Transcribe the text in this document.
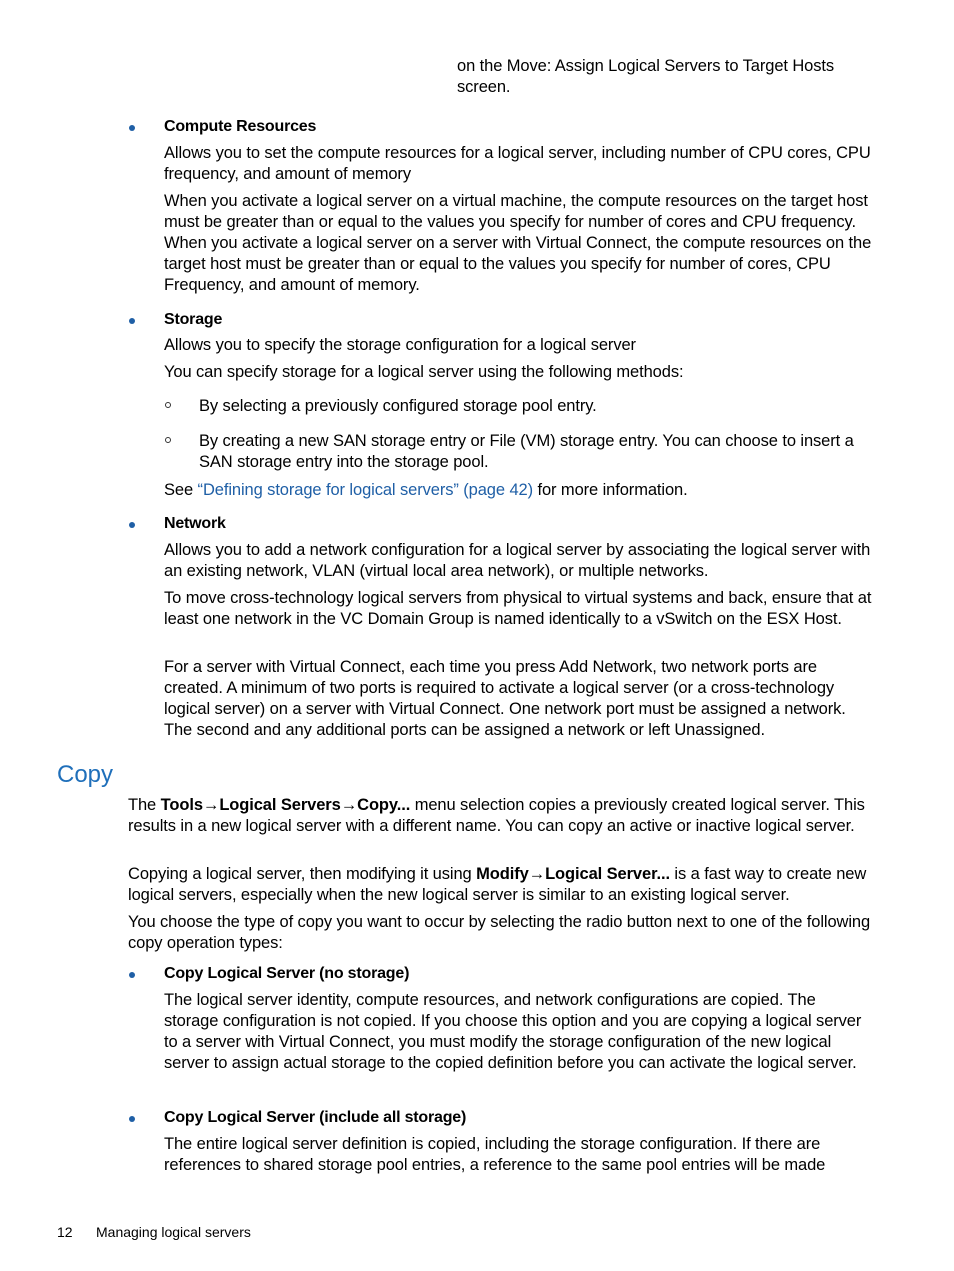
on the Move: Assign Logical Servers to Target Hosts

screen.

Compute Resources

Allows you to set the compute resources for a logical server, including number of CPU cores, CPU frequency, and amount of memory

When you activate a logical server on a virtual machine, the compute resources on the target host must be greater than or equal to the values you specify for number of cores and CPU frequency. When you activate a logical server on a server with Virtual Connect, the compute resources on the target host must be greater than or equal to the values you specify for number of cores, CPU Frequency, and amount of memory.

Storage

Allows you to specify the storage configuration for a logical server

You can specify storage for a logical server using the following methods:

By selecting a previously configured storage pool entry.

By creating a new SAN storage entry or File (VM) storage entry. You can choose to insert a SAN storage entry into the storage pool.

See “Defining storage for logical servers” (page 42) for more information.

Network

Allows you to add a network configuration for a logical server by associating the logical server with an existing network, VLAN (virtual local area network), or multiple networks.

To move cross-technology logical servers from physical to virtual systems and back, ensure that at least one network in the VC Domain Group is named identically to a vSwitch on the ESX Host.

For a server with Virtual Connect, each time you press Add Network, two network ports are created. A minimum of two ports is required to activate a logical server (or a cross-technology logical server) on a server with Virtual Connect. One network port must be assigned a network. The second and any additional ports can be assigned a network or left Unassigned.

Copy

The Tools→Logical Servers→Copy... menu selection copies a previously created logical server. This results in a new logical server with a different name. You can copy an active or inactive logical server.

Copying a logical server, then modifying it using Modify→Logical Server... is a fast way to create new logical servers, especially when the new logical server is similar to an existing logical server.

You choose the type of copy you want to occur by selecting the radio button next to one of the following copy operation types:

Copy Logical Server (no storage)

The logical server identity, compute resources, and network configurations are copied. The storage configuration is not copied. If you choose this option and you are copying a logical server to a server with Virtual Connect, you must modify the storage configuration of the new logical server to assign actual storage to the copied definition before you can activate the logical server.

Copy Logical Server (include all storage)

The entire logical server definition is copied, including the storage configuration. If there are references to shared storage pool entries, a reference to the same pool entries will be made

12 Managing logical servers
